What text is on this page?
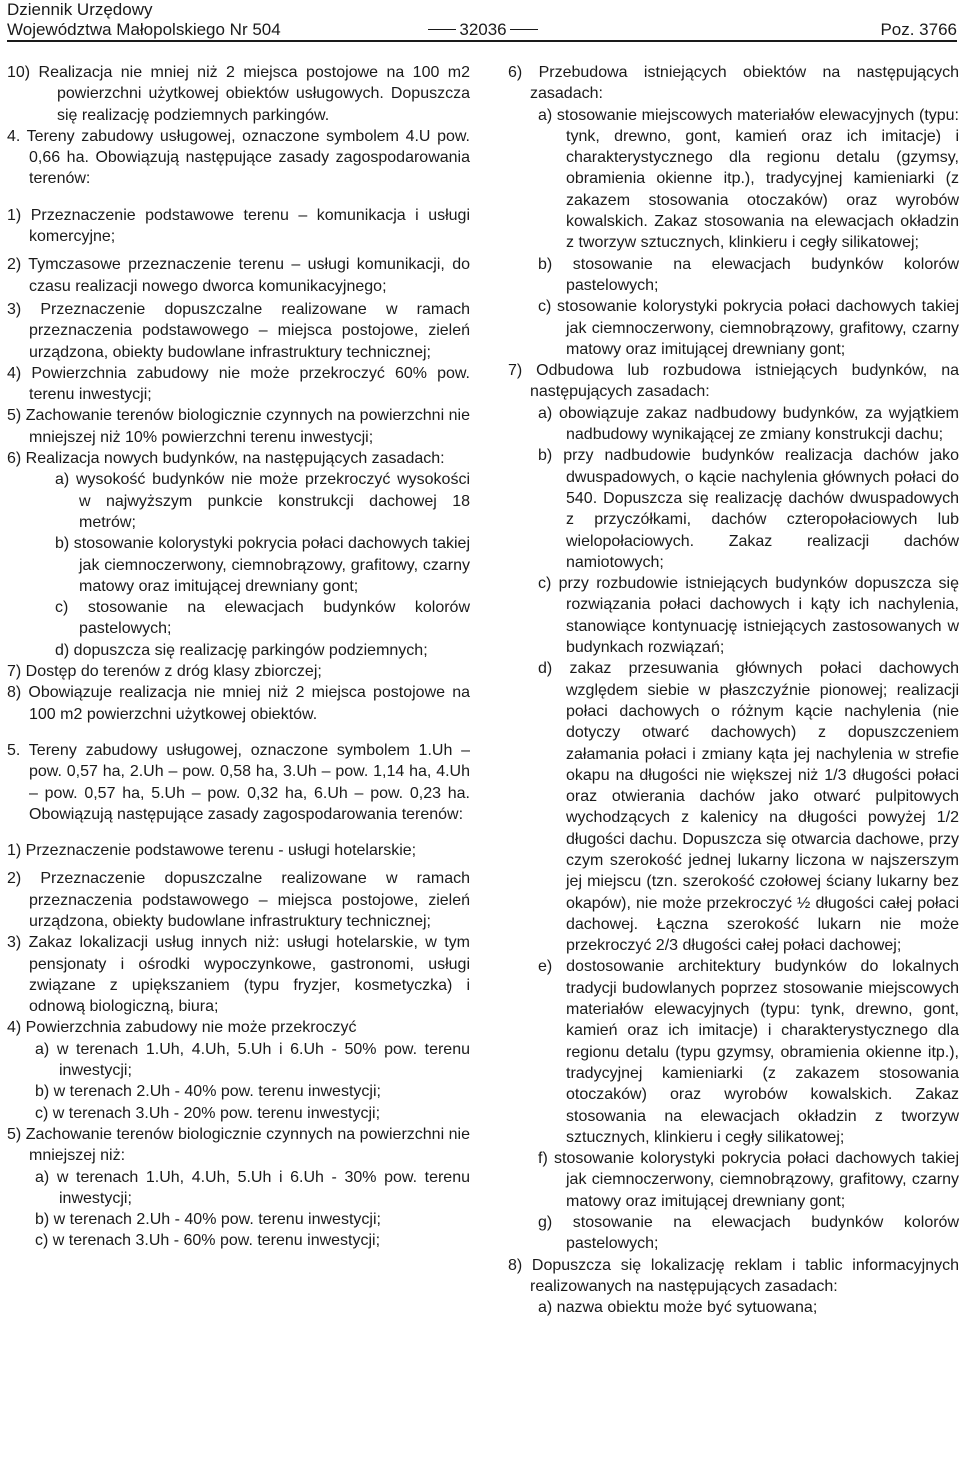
Dziennik Urzędowy
Województwa Małopolskiego Nr 504	32036	Poz. 3766

10) Realizacja nie mniej niż 2 miejsca postojowe na 100 m2 powierzchni użytkowej obiektów usługowych. Dopuszcza się realizację podziemnych parkingów.

4. Tereny zabudowy usługowej, oznaczone symbolem 4.U pow. 0,66 ha. Obowiązują następujące zasady zagospodarowania terenów:

1) Przeznaczenie podstawowe terenu – komunikacja i usługi komercyjne;

2) Tymczasowe przeznaczenie terenu – usługi komunikacji, do czasu realizacji nowego dworca komunikacyjnego;

3) Przeznaczenie dopuszczalne realizowane w ramach przeznaczenia podstawowego – miejsca postojowe, zieleń urządzona, obiekty budowlane infrastruktury technicznej;

4) Powierzchnia zabudowy nie może przekroczyć 60% pow. terenu inwestycji;

5) Zachowanie terenów biologicznie czynnych na powierzchni nie mniejszej niż 10% powierzchni terenu inwestycji;

6) Realizacja nowych budynków, na następujących zasadach:

a) wysokość budynków nie może przekroczyć wysokości w najwyższym punkcie konstrukcji dachowej 18 metrów;

b) stosowanie kolorystyki pokrycia połaci dachowych takiej jak ciemnoczerwony, ciemnobrązowy, grafitowy, czarny matowy oraz imitującej drewniany gont;

c) stosowanie na elewacjach budynków kolorów pastelowych;

d) dopuszcza się realizację parkingów podziemnych;

7) Dostęp do terenów z dróg klasy zbiorczej;

8) Obowiązuje realizacja nie mniej niż 2 miejsca postojowe na 100 m2 powierzchni użytkowej obiektów.

5. Tereny zabudowy usługowej, oznaczone symbolem 1.Uh – pow. 0,57 ha, 2.Uh – pow. 0,58 ha, 3.Uh – pow. 1,14 ha, 4.Uh – pow. 0,57 ha, 5.Uh – pow. 0,32 ha, 6.Uh – pow. 0,23 ha. Obowiązują następujące zasady zagospodarowania terenów:

1) Przeznaczenie podstawowe terenu - usługi hotelarskie;

2) Przeznaczenie dopuszczalne realizowane w ramach przeznaczenia podstawowego – miejsca postojowe, zieleń urządzona, obiekty budowlane infrastruktury technicznej;

3) Zakaz lokalizacji usług innych niż: usługi hotelarskie, w tym pensjonaty i ośrodki wypoczynkowe, gastronomi, usługi związane z upiększaniem (typu fryzjer, kosmetyczka) i odnową biologiczną, biura;

4) Powierzchnia zabudowy nie może przekroczyć

a) w terenach 1.Uh, 4.Uh, 5.Uh i 6.Uh - 50% pow. terenu inwestycji;

b) w terenach 2.Uh - 40% pow. terenu inwestycji;

c) w terenach 3.Uh - 20% pow. terenu inwestycji;

5) Zachowanie terenów biologicznie czynnych na powierzchni nie mniejszej niż:

a) w terenach 1.Uh, 4.Uh, 5.Uh i 6.Uh - 30% pow. terenu inwestycji;

b) w terenach 2.Uh - 40% pow. terenu inwestycji;

c) w terenach 3.Uh - 60% pow. terenu inwestycji;

6) Przebudowa istniejących obiektów na następujących zasadach:

a) stosowanie miejscowych materiałów elewacyjnych (typu: tynk, drewno, gont, kamień oraz ich imitacje) i charakterystycznego dla regionu detalu (gzymsy, obramienia okienne itp.), tradycyjnej kamieniarki (z zakazem stosowania otoczaków) oraz wyrobów kowalskich. Zakaz stosowania na elewacjach okładzin z tworzyw sztucznych, klinkieru i cegły silikatowej;

b) stosowanie na elewacjach budynków kolorów pastelowych;

c) stosowanie kolorystyki pokrycia połaci dachowych takiej jak ciemnoczerwony, ciemnobrązowy, grafitowy, czarny matowy oraz imitującej drewniany gont;

7) Odbudowa lub rozbudowa istniejących budynków, na następujących zasadach:

a) obowiązuje zakaz nadbudowy budynków, za wyjątkiem nadbudowy wynikającej ze zmiany konstrukcji dachu;

b) przy nadbudowie budynków realizacja dachów jako dwuspadowych, o kącie nachylenia głównych połaci do 540. Dopuszcza się realizację dachów dwuspadowych z przyczółkami, dachów czteropołaciowych lub wielopołaciowych. Zakaz realizacji dachów namiotowych;

c) przy rozbudowie istniejących budynków dopuszcza się rozwiązania połaci dachowych i kąty ich nachylenia, stanowiące kontynuację istniejących zastosowanych w budynkach rozwiązań;

d) zakaz przesuwania głównych połaci dachowych względem siebie w płaszczyźnie pionowej; realizacji połaci dachowych o różnym kącie nachylenia (nie dotyczy otwarć dachowych) z dopuszczeniem załamania połaci i zmiany kąta jej nachylenia w strefie okapu na długości nie większej niż 1/3 długości połaci oraz otwierania dachów jako otwarć pulpitowych wychodzących z kalenicy na długości powyżej 1/2 długości dachu. Dopuszcza się otwarcia dachowe, przy czym szerokość jednej lukarny liczona w najszerszym jej miejscu (tzn. szerokość czołowej ściany lukarny bez okapów), nie może przekroczyć ½ długości całej połaci dachowej. Łączna szerokość lukarn nie może przekroczyć 2/3 długości całej połaci dachowej;

e) dostosowanie architektury budynków do lokalnych tradycji budowlanych poprzez stosowanie miejscowych materiałów elewacyjnych (typu: tynk, drewno, gont, kamień oraz ich imitacje) i charakterystycznego dla regionu detalu (typu gzymsy, obramienia okienne itp.), tradycyjnej kamieniarki (z zakazem stosowania otoczaków) oraz wyrobów kowalskich. Zakaz stosowania na elewacjach okładzin z tworzyw sztucznych, klinkieru i cegły silikatowej;

f) stosowanie kolorystyki pokrycia połaci dachowych takiej jak ciemnoczerwony, ciemnobrązowy, grafitowy, czarny matowy oraz imitującej drewniany gont;

g) stosowanie na elewacjach budynków kolorów pastelowych;

8) Dopuszcza się lokalizację reklam i tablic informacyjnych realizowanych na następujących zasadach:

a) nazwa obiektu może być sytuowana;
